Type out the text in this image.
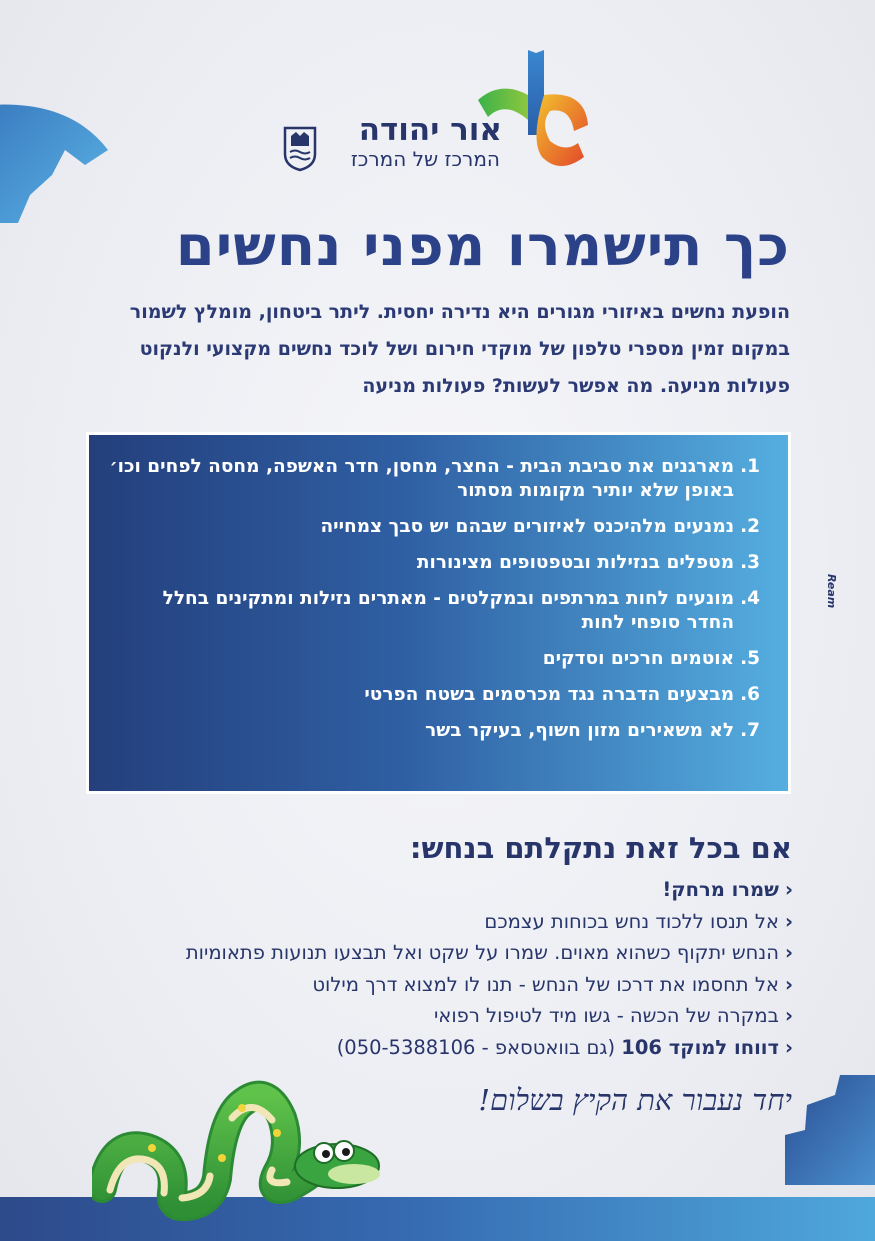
אור יהודה
המרכז של המרכז
כך תישמרו מפני נחשים
הופעת נחשים באיזורי מגורים היא נדירה יחסית. ליתר ביטחון, מומלץ לשמור במקום זמין מספרי טלפון של מוקדי חירום ושל לוכד נחשים מקצועי ולנקוט פעולות מניעה. מה אפשר לעשות? פעולות מניעה
1.
מארגנים את סביבת הבית - החצר, מחסן, חדר האשפה, מחסה לפחים וכו׳ באופן שלא יותיר מקומות מסתור
2.
נמנעים מלהיכנס לאיזורים שבהם יש סבך צמחייה
3.
מטפלים בנזילות ובטפטופים מצינורות
4.
מונעים לחות במרתפים ובמקלטים - מאתרים נזילות ומתקינים בחלל החדר סופחי לחות
5.
אוטמים חרכים וסדקים
6.
מבצעים הדברה נגד מכרסמים בשטח הפרטי
7.
לא משאירים מזון חשוף, בעיקר בשר
Ream
אם בכל זאת נתקלתם בנחש:
‹שמרו מרחק!
‹אל תנסו ללכוד נחש בכוחות עצמכם
‹הנחש יתקוף כשהוא מאוים. שמרו על שקט ואל תבצעו תנועות פתאומיות
‹אל תחסמו את דרכו של הנחש - תנו לו למצוא דרך מילוט
‹במקרה של הכשה - גשו מיד לטיפול רפואי
‹דווחו למוקד 106 (גם בוואטסאפ - 050-5388106)
יחד נעבור את הקיץ בשלום!
